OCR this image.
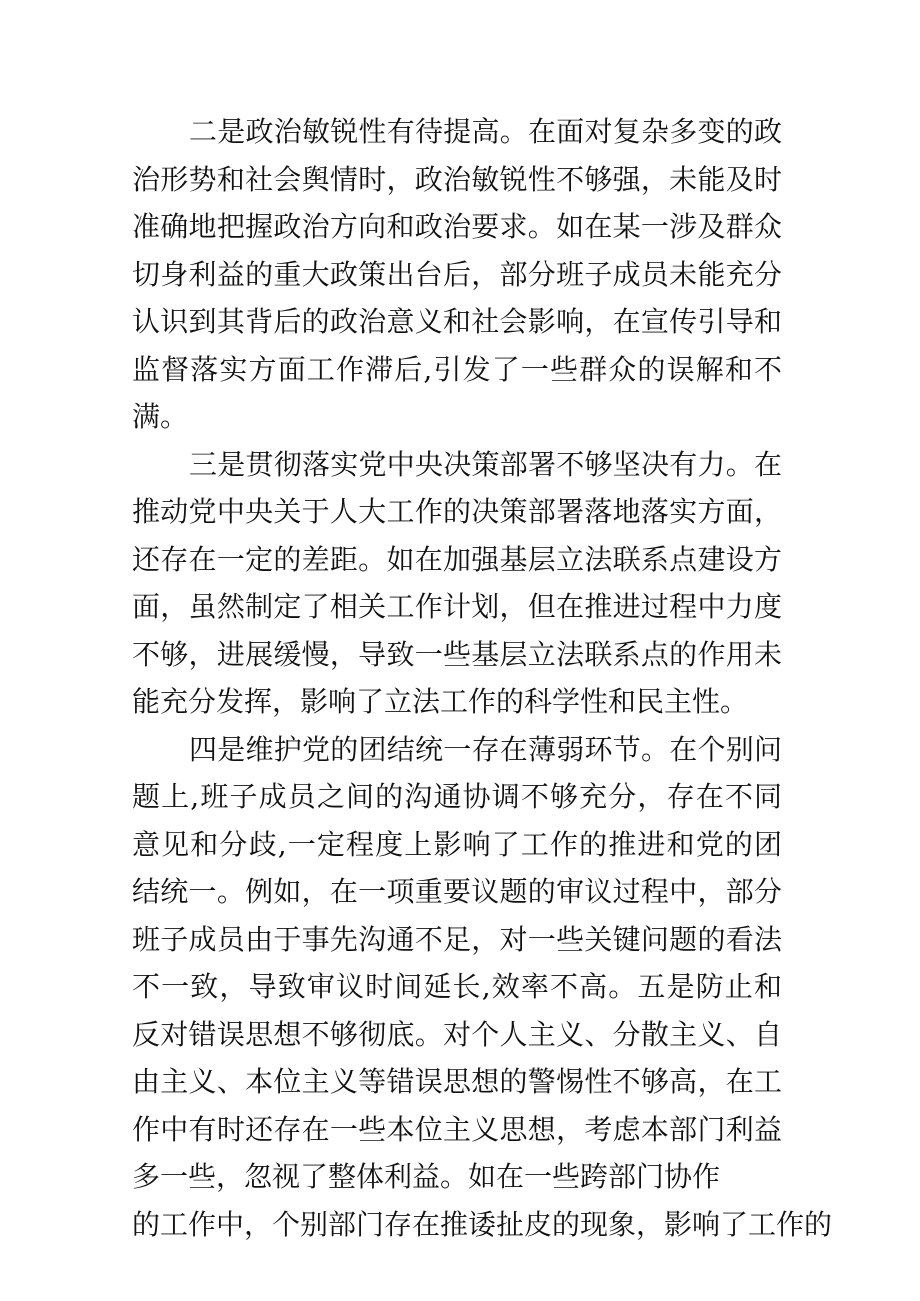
二是政治敏锐性有待提高。在面对复杂多变的政治形势和社会舆情时，政治敏锐性不够强，未能及时准确地把握政治方向和政治要求。如在某一涉及群众切身利益的重大政策出台后，部分班子成员未能充分认识到其背后的政治意义和社会影响，在宣传引导和监督落实方面工作滞后,引发了一些群众的误解和不满。

三是贯彻落实党中央决策部署不够坚决有力。在推动党中央关于人大工作的决策部署落地落实方面，还存在一定的差距。如在加强基层立法联系点建设方面，虽然制定了相关工作计划，但在推进过程中力度不够，进展缓慢，导致一些基层立法联系点的作用未能充分发挥，影响了立法工作的科学性和民主性。

四是维护党的团结统一存在薄弱环节。在个别问题上,班子成员之间的沟通协调不够充分，存在不同意见和分歧,一定程度上影响了工作的推进和党的团结统一。例如，在一项重要议题的审议过程中，部分班子成员由于事先沟通不足，对一些关键问题的看法不一致，导致审议时间延长,效率不高。五是防止和反对错误思想不够彻底。对个人主义、分散主义、自由主义、本位主义等错误思想的警惕性不够高，在工作中有时还存在一些本位主义思想，考虑本部门利益多一些，忽视了整体利益。如在一些跨部门协作

的工作中，个别部门存在推诿扯皮的现象，影响了工作的
